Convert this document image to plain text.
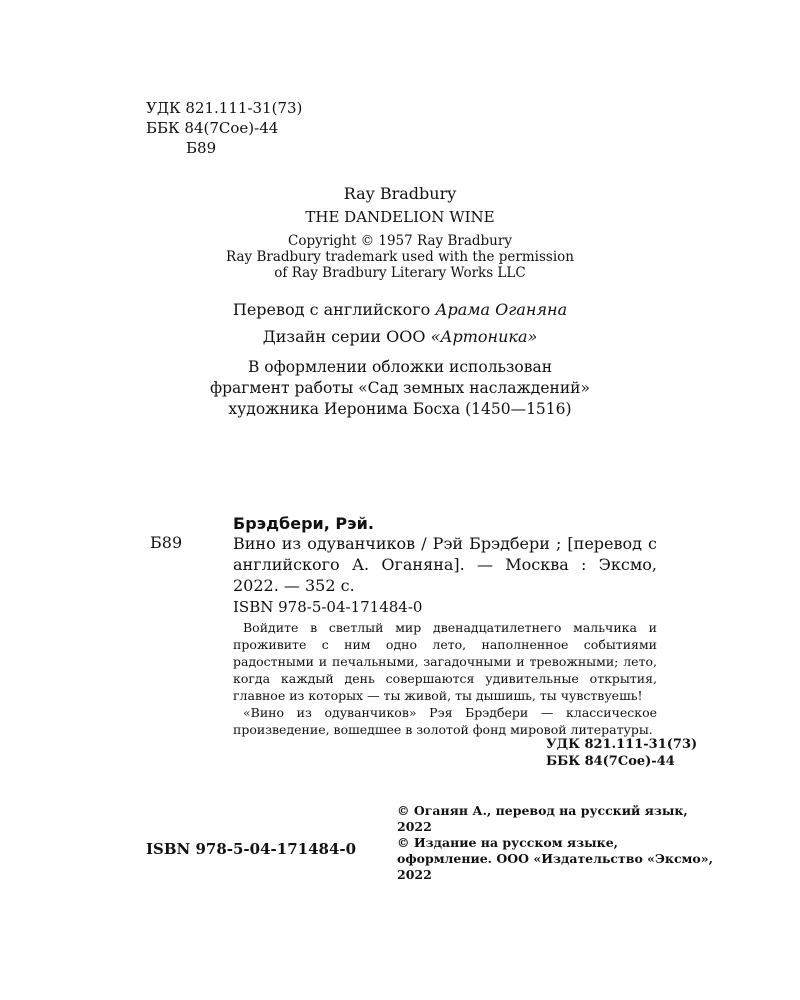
УДК 821.111-31(73)
ББК 84(7Сое)-44
Б89
Ray Bradbury
THE DANDELION WINE
Copyright © 1957 Ray Bradbury
Ray Bradbury trademark used with the permission
of Ray Bradbury Literary Works LLC
Перевод с английского Арама Оганяна
Дизайн серии ООО «Артоника»
В оформлении обложки использован
фрагмент работы «Сад земных наслаждений»
художника Иеронима Босха (1450—1516)
Брэдбери, Рэй.
Б89	Вино из одуванчиков / Рэй Брэдбери ; [перевод с английского А. Оганяна]. — Москва : Эксмо, 2022. — 352 с.
ISBN 978-5-04-171484-0

Войдите в светлый мир двенадцатилетнего мальчика и проживите с ним одно лето, наполненное событиями радостными и печальными, загадочными и тревожными; лето, когда каждый день совершаются удивительные открытия, главное из которых — ты живой, ты дышишь, ты чувствуешь!

«Вино из одуванчиков» Рэя Брэдбери — классическое произведение, вошедшее в золотой фонд мировой литературы.

УДК 821.111-31(73)
ББК 84(7Сое)-44
© Оганян А., перевод на русский язык, 2022
© Издание на русском языке, оформление. ООО «Издательство «Эксмо», 2022
ISBN 978-5-04-171484-0
